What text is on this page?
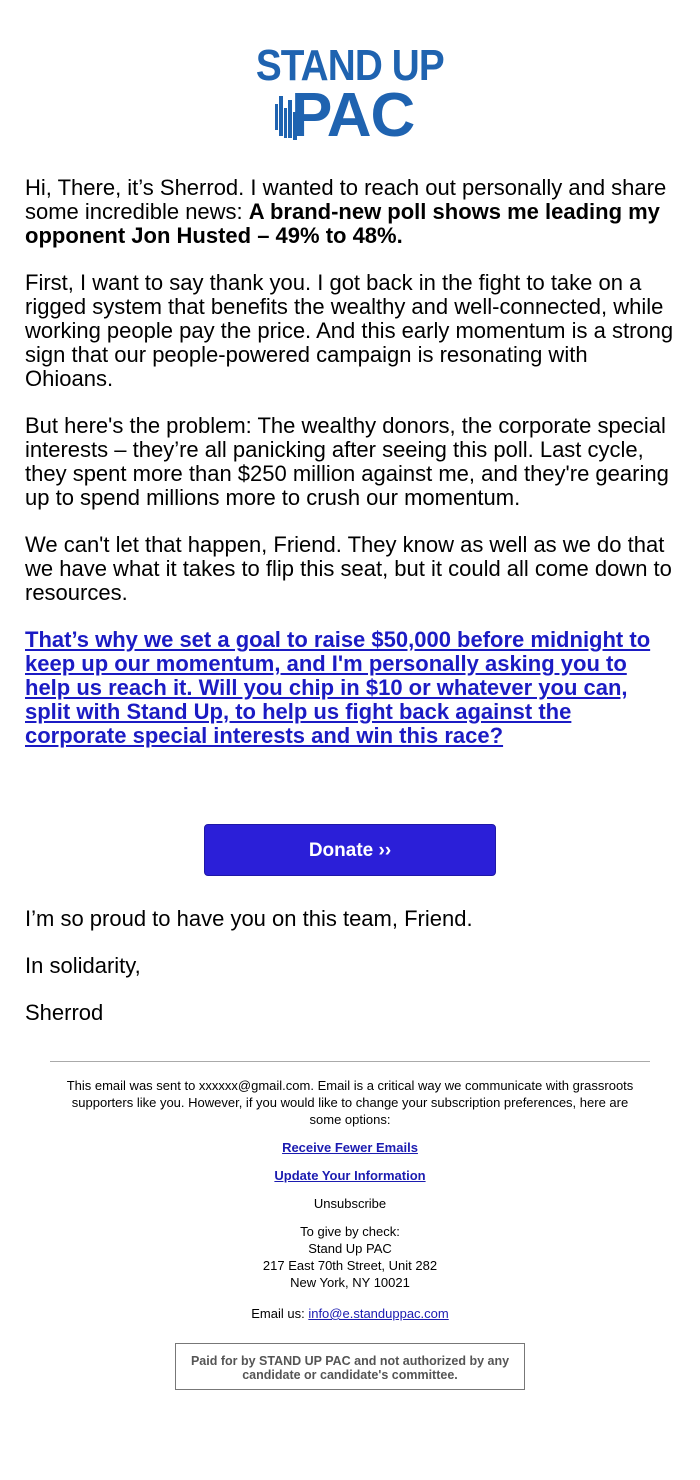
STAND UP
PAC

Hi, There, it’s Sherrod. I wanted to reach out personally and share some incredible news: A brand-new poll shows me leading my opponent Jon Husted – 49% to 48%.

First, I want to say thank you. I got back in the fight to take on a rigged system that benefits the wealthy and well-connected, while working people pay the price. And this early momentum is a strong sign that our people-powered campaign is resonating with Ohioans.

But here's the problem: The wealthy donors, the corporate special interests – they’re all panicking after seeing this poll. Last cycle, they spent more than $250 million against me, and they're gearing up to spend millions more to crush our momentum.

We can't let that happen, Friend. They know as well as we do that we have what it takes to flip this seat, but it could all come down to resources.

That’s why we set a goal to raise $50,000 before midnight to keep up our momentum, and I'm personally asking you to help us reach it. Will you chip in $10 or whatever you can, split with Stand Up, to help us fight back against the corporate special interests and win this race?

Donate ››

I’m so proud to have you on this team, Friend.

In solidarity,

Sherrod

This email was sent to xxxxxx@gmail.com. Email is a critical way we communicate with grassroots supporters like you. However, if you would like to change your subscription preferences, here are some options:

Receive Fewer Emails

Update Your Information

Unsubscribe

To give by check:
Stand Up PAC
217 East 70th Street, Unit 282
New York, NY 10021

Email us: info@e.standuppac.com

Paid for by STAND UP PAC and not authorized by any candidate or candidate's committee.
